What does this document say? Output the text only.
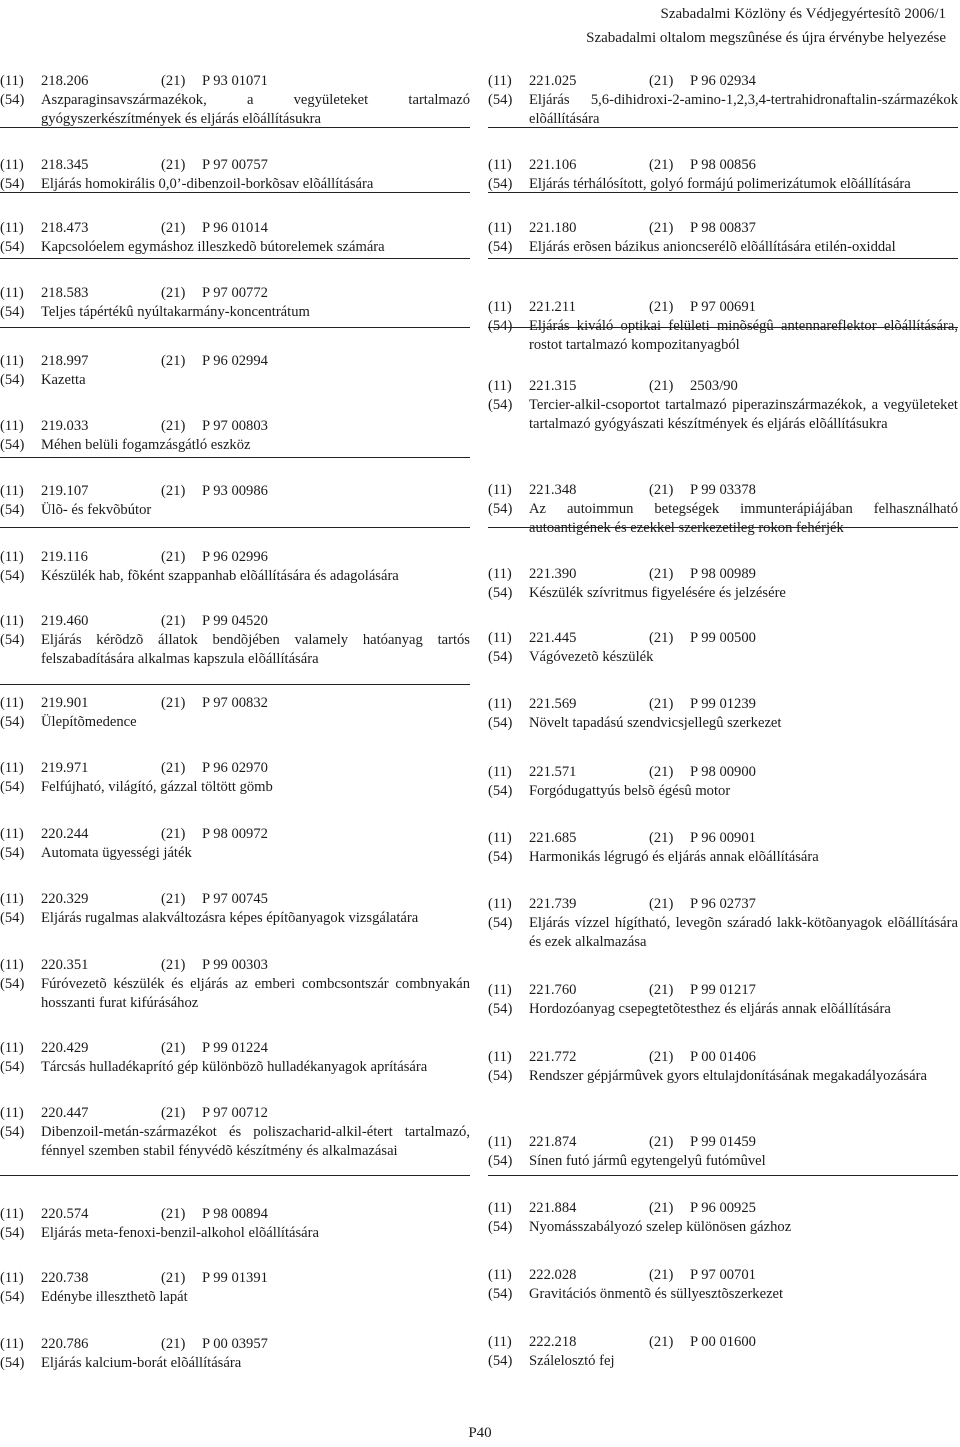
Szabadalmi Közlöny és Védjegyértesítõ 2006/1
Szabadalmi oltalom megszûnése és újra érvénybe helyezése
(11)	218.206	(21)	P 93 01071
(54)	Aszparaginsavszármazékok, a vegyületeket tartalmazó gyógyszerkészítmények és eljárás elõállításukra
(11)	218.345	(21)	P 97 00757
(54)	Eljárás homokirális 0,0’-dibenzoil-borkõsav elõállítására
(11)	218.473	(21)	P 96 01014
(54)	Kapcsolóelem egymáshoz illeszkedõ bútorelemek számára
(11)	218.583	(21)	P 97 00772
(54)	Teljes tápértékû nyúltakarmány-koncentrátum
(11)	218.997	(21)	P 96 02994
(54)	Kazetta
(11)	219.033	(21)	P 97 00803
(54)	Méhen belüli fogamzásgátló eszköz
(11)	219.107	(21)	P 93 00986
(54)	Ülõ- és fekvõbútor
(11)	219.116	(21)	P 96 02996
(54)	Készülék hab, fõként szappanhab elõállítására és adagolására
(11)	219.460	(21)	P 99 04520
(54)	Eljárás kérõdzõ állatok bendõjében valamely hatóanyag tartós felszabadítására alkalmas kapszula elõállítására
(11)	219.901	(21)	P 97 00832
(54)	Ülepítõmedence
(11)	219.971	(21)	P 96 02970
(54)	Felfújható, világító, gázzal töltött gömb
(11)	220.244	(21)	P 98 00972
(54)	Automata ügyességi játék
(11)	220.329	(21)	P 97 00745
(54)	Eljárás rugalmas alakváltozásra képes építõanyagok vizsgálatára
(11)	220.351	(21)	P 99 00303
(54)	Fúróvezetõ készülék és eljárás az emberi combcsontszár combnyakán hosszanti furat kifúrásához
(11)	220.429	(21)	P 99 01224
(54)	Tárcsás hulladékaprító gép különbözõ hulladékanyagok aprítására
(11)	220.447	(21)	P 97 00712
(54)	Dibenzoil-metán-származékot és poliszacharid-alkil-étert tartalmazó, fénnyel szemben stabil fényvédõ készítmény és alkalmazásai
(11)	220.574	(21)	P 98 00894
(54)	Eljárás meta-fenoxi-benzil-alkohol elõállítására
(11)	220.738	(21)	P 99 01391
(54)	Edénybe illeszthetõ lapát
(11)	220.786	(21)	P 00 03957
(54)	Eljárás kalcium-borát elõállítására
(11)	221.025	(21)	P 96 02934
(54)	Eljárás 5,6-dihidroxi-2-amino-1,2,3,4-tertrahidronaftalin-származékok elõállítására
(11)	221.106	(21)	P 98 00856
(54)	Eljárás térhálósított, golyó formájú polimerizátumok elõállítására
(11)	221.180	(21)	P 98 00837
(54)	Eljárás erõsen bázikus anioncserélõ elõállítására etilén-oxiddal
(11)	221.211	(21)	P 97 00691
(54)	Eljárás kiváló optikai felületi minõségû antennareflektor elõállítására, rostot tartalmazó kompozitanyagból
(11)	221.315	(21)	2503/90
(54)	Tercier-alkil-csoportot tartalmazó piperazinszármazékok, a vegyületeket tartalmazó gyógyászati készítmények és eljárás elõállításukra
(11)	221.348	(21)	P 99 03378
(54)	Az autoimmun betegségek immunterápiájában felhasználható autoantigének és ezekkel szerkezetileg rokon fehérjék
(11)	221.390	(21)	P 98 00989
(54)	Készülék szívritmus figyelésére és jelzésére
(11)	221.445	(21)	P 99 00500
(54)	Vágóvezetõ készülék
(11)	221.569	(21)	P 99 01239
(54)	Növelt tapadású szendvicsjellegû szerkezet
(11)	221.571	(21)	P 98 00900
(54)	Forgódugattyús belsõ égésû motor
(11)	221.685	(21)	P 96 00901
(54)	Harmonikás légrugó és eljárás annak elõállítására
(11)	221.739	(21)	P 96 02737
(54)	Eljárás vízzel hígítható, levegõn száradó lakk-kötõanyagok elõállítására és ezek alkalmazása
(11)	221.760	(21)	P 99 01217
(54)	Hordozóanyag csepegtetõtesthez és eljárás annak elõállítására
(11)	221.772	(21)	P 00 01406
(54)	Rendszer gépjármûvek gyors eltulajdonításának megakadályozására
(11)	221.874	(21)	P 99 01459
(54)	Sínen futó jármû egytengelyû futómûvel
(11)	221.884	(21)	P 96 00925
(54)	Nyomásszabályozó szelep különösen gázhoz
(11)	222.028	(21)	P 97 00701
(54)	Gravitációs önmentõ és süllyesztõszerkezet
(11)	222.218	(21)	P 00 01600
(54)	Szálelosztó fej
P40
